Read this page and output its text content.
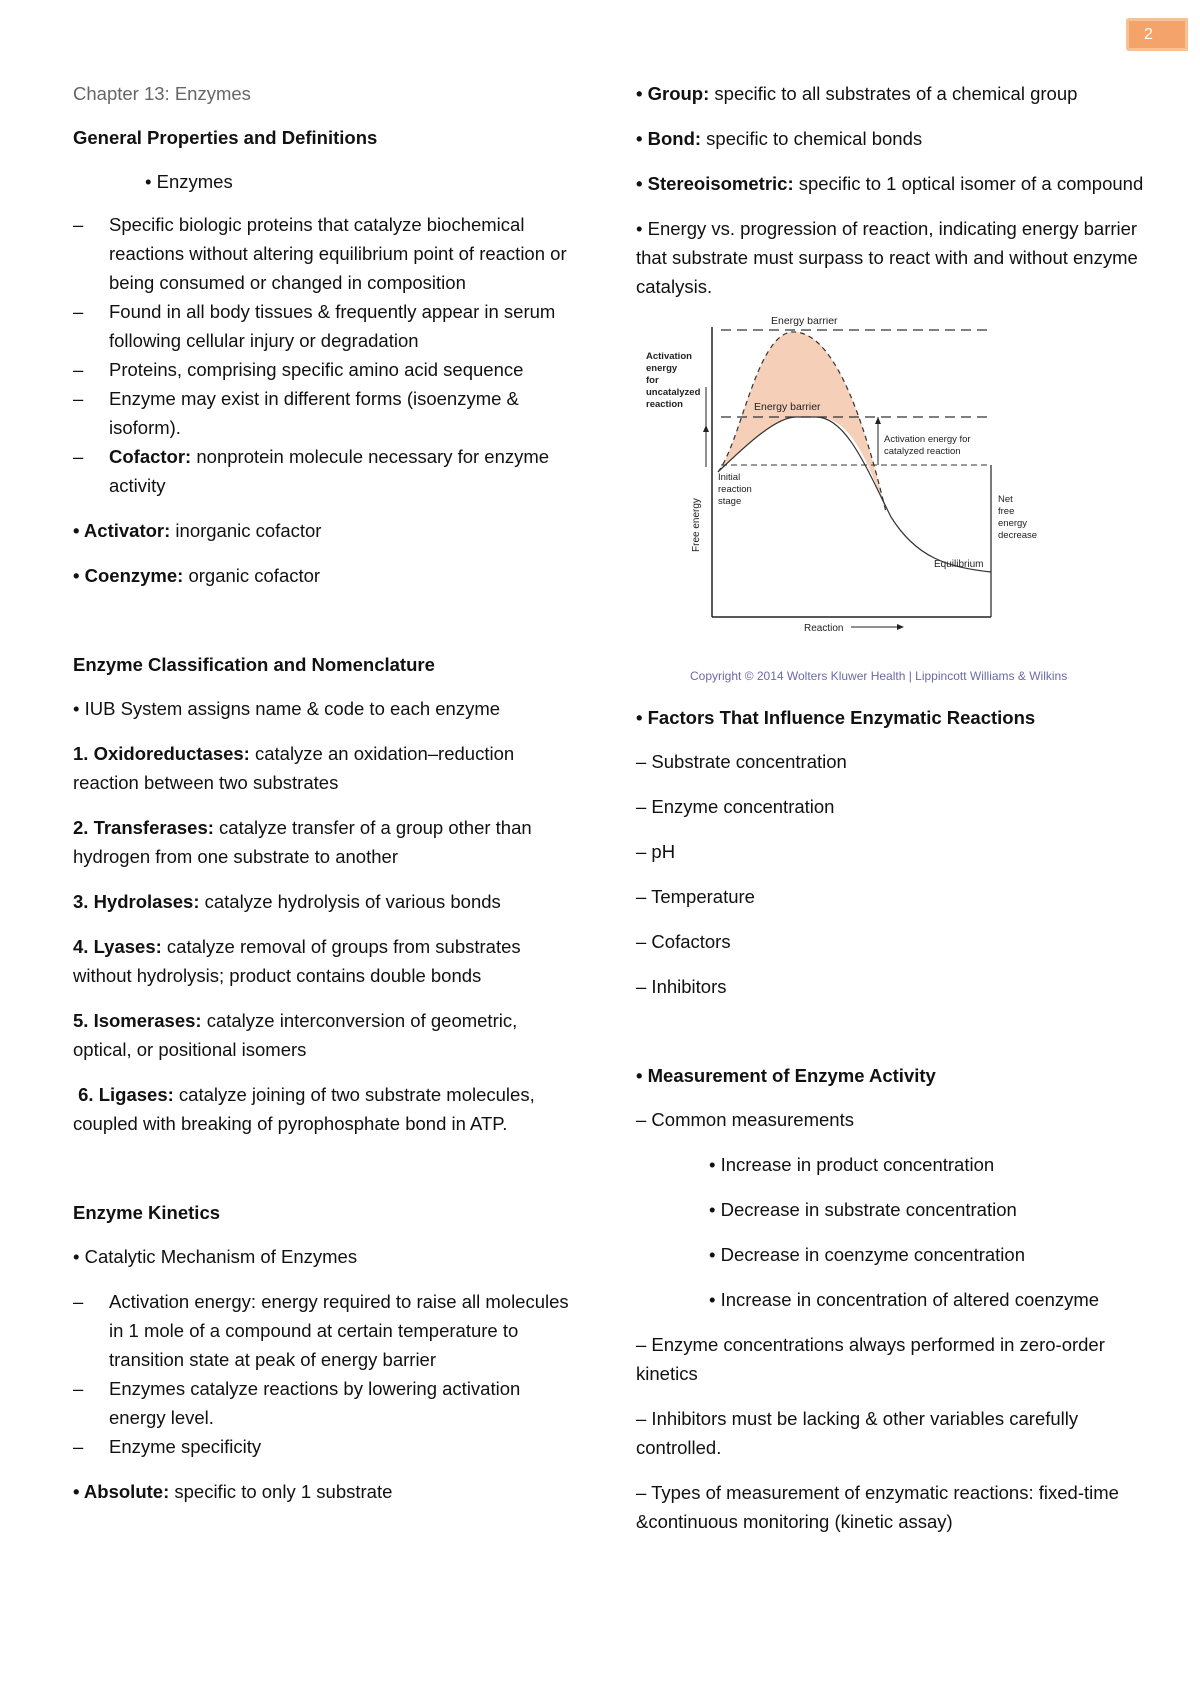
2

Chapter 13: Enzymes

General Properties and Definitions

• Enzymes

– Specific biologic proteins that catalyze biochemical reactions without altering equilibrium point of reaction or being consumed or changed in composition
– Found in all body tissues & frequently appear in serum following cellular injury or degradation
– Proteins, comprising specific amino acid sequence
– Enzyme may exist in different forms (isoenzyme & isoform).
– Cofactor: nonprotein molecule necessary for enzyme activity

• Activator: inorganic cofactor

• Coenzyme: organic cofactor

Enzyme Classification and Nomenclature

• IUB System assigns name & code to each enzyme

1. Oxidoreductases: catalyze an oxidation–reduction reaction between two substrates

2. Transferases: catalyze transfer of a group other than hydrogen from one substrate to another

3. Hydrolases: catalyze hydrolysis of various bonds

4. Lyases: catalyze removal of groups from substrates without hydrolysis; product contains double bonds

5. Isomerases: catalyze interconversion of geometric, optical, or positional isomers

6. Ligases: catalyze joining of two substrate molecules, coupled with breaking of pyrophosphate bond in ATP.

Enzyme Kinetics

• Catalytic Mechanism of Enzymes

– Activation energy: energy required to raise all molecules in 1 mole of a compound at certain temperature to transition state at peak of energy barrier
– Enzymes catalyze reactions by lowering activation energy level.
– Enzyme specificity

• Absolute: specific to only 1 substrate

• Group: specific to all substrates of a chemical group

• Bond: specific to chemical bonds

• Stereoisometric: specific to 1 optical isomer of a compound

• Energy vs. progression of reaction, indicating energy barrier that substrate must surpass to react with and without enzyme catalysis.

Energy barrier
Energy barrier
Activation energy for uncatalyzed reaction
Activation energy for catalyzed reaction
Initial reaction stage	Net free energy decrease
Equilibrium
Free energy
Reaction
Copyright © 2014 Wolters Kluwer Health | Lippincott Williams & Wilkins

• Factors That Influence Enzymatic Reactions

– Substrate concentration

– Enzyme concentration

– pH

– Temperature

– Cofactors

– Inhibitors

• Measurement of Enzyme Activity

– Common measurements

• Increase in product concentration

• Decrease in substrate concentration

• Decrease in coenzyme concentration

• Increase in concentration of altered coenzyme

– Enzyme concentrations always performed in zero-order kinetics

– Inhibitors must be lacking & other variables carefully controlled.

– Types of measurement of enzymatic reactions: fixed-time &continuous monitoring (kinetic assay)
